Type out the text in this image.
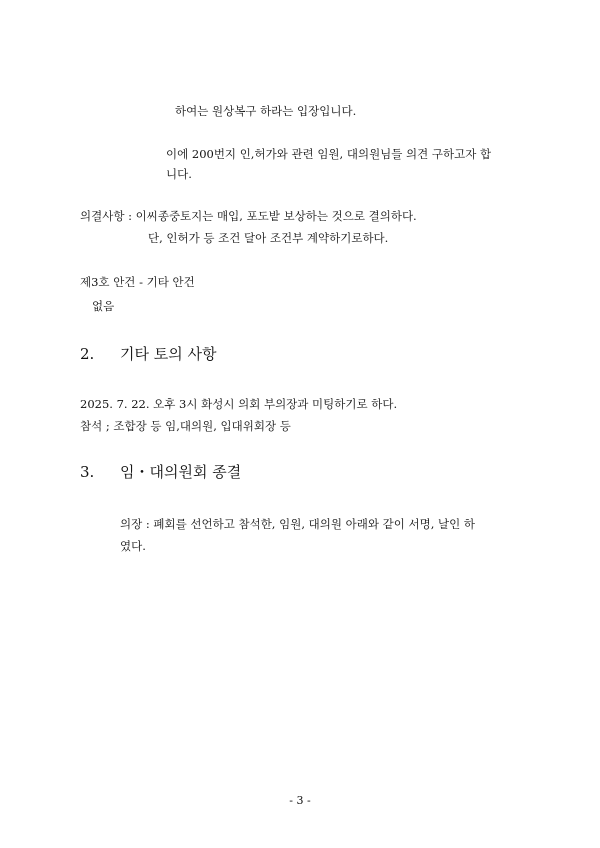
하여는 원상복구 하라는 입장입니다.
이에 200번지 인,허가와 관련 임원, 대의원님들 의견 구하고자 합
니다.
의결사항 : 이씨종중토지는 매입, 포도밭 보상하는 것으로 결의하다.
단, 인허가 등 조건 달아 조건부 계약하기로하다.
제3호 안건 - 기타 안건
없음
2. 기타 토의 사항
2025. 7. 22. 오후 3시 화성시 의회 부의장과 미팅하기로 하다.
참석 ; 조합장 등 임,대의원, 입대위회장 등
3. 임・대의원회 종결
의장 : 폐회를 선언하고 참석한, 임원, 대의원 아래와 같이 서명, 날인 하
였다.
- 3 -
